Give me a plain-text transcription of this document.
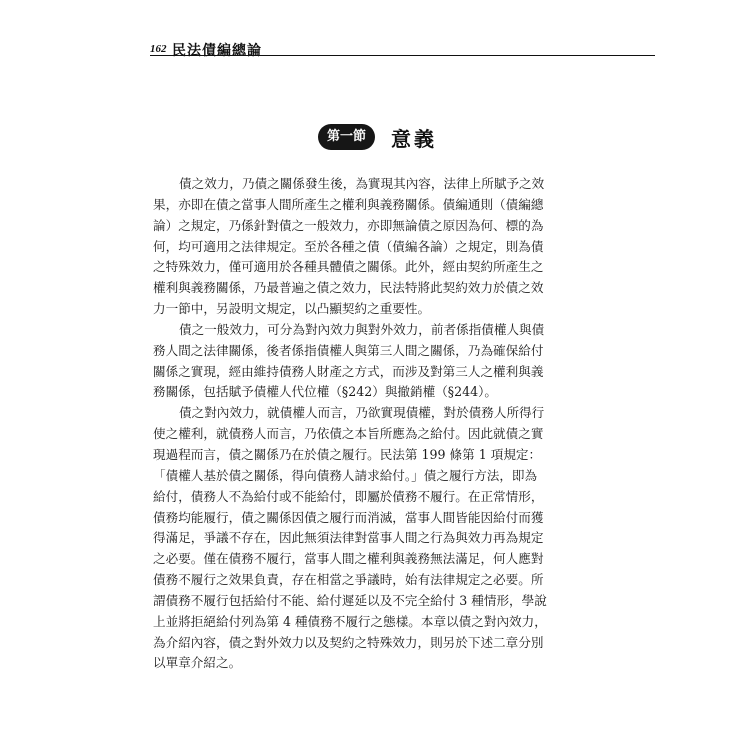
162 民法債編總論
第一節	意義
債之效力，乃債之關係發生後，為實現其內容，法律上所賦予之效
果，亦即在債之當事人間所產生之權利與義務關係。債編通則（債編總
論）之規定，乃係針對債之一般效力，亦即無論債之原因為何、標的為
何，均可適用之法律規定。至於各種之債（債編各論）之規定，則為債
之特殊效力，僅可適用於各種具體債之關係。此外，經由契約所產生之
權利與義務關係，乃最普遍之債之效力，民法特將此契約效力於債之效
力一節中，另設明文規定，以凸顯契約之重要性。
債之一般效力，可分為對內效力與對外效力，前者係指債權人與債
務人間之法律關係，後者係指債權人與第三人間之關係，乃為確保給付
關係之實現，經由維持債務人財產之方式，而涉及對第三人之權利與義
務關係，包括賦予債權人代位權（§242）與撤銷權（§244）。
債之對內效力，就債權人而言，乃欲實現債權，對於債務人所得行
使之權利，就債務人而言，乃依債之本旨所應為之給付。因此就債之實
現過程而言，債之關係乃在於債之履行。民法第 199 條第 1 項規定：
「債權人基於債之關係，得向債務人請求給付。」債之履行方法，即為
給付，債務人不為給付或不能給付，即屬於債務不履行。在正常情形，
債務均能履行，債之關係因債之履行而消滅，當事人間皆能因給付而獲
得滿足，爭議不存在，因此無須法律對當事人間之行為與效力再為規定
之必要。僅在債務不履行，當事人間之權利與義務無法滿足，何人應對
債務不履行之效果負責，存在相當之爭議時，始有法律規定之必要。所
謂債務不履行包括給付不能、給付遲延以及不完全給付 3 種情形，學說
上並將拒絕給付列為第 4 種債務不履行之態樣。本章以債之對內效力，
為介紹內容，債之對外效力以及契約之特殊效力，則另於下述二章分別
以單章介紹之。
